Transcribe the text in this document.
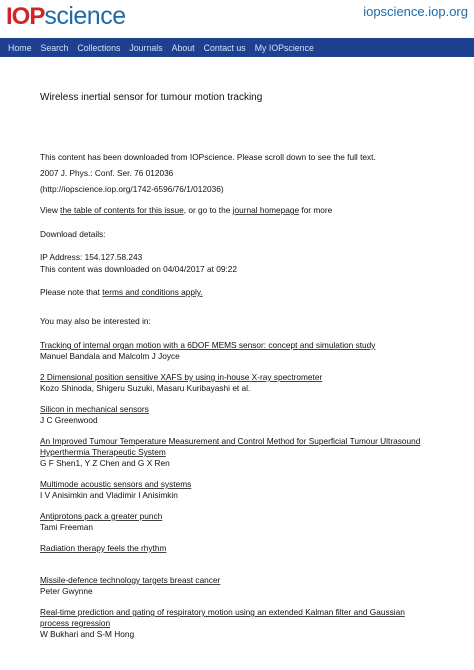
IOPscience	iopscience.iop.org
Home Search Collections Journals About Contact us My IOPscience
Wireless inertial sensor for tumour motion tracking
This content has been downloaded from IOPscience. Please scroll down to see the full text.
2007 J. Phys.: Conf. Ser. 76 012036
(http://iopscience.iop.org/1742-6596/76/1/012036)
View the table of contents for this issue, or go to the journal homepage for more
Download details:
IP Address: 154.127.58.243
This content was downloaded on 04/04/2017 at 09:22
Please note that terms and conditions apply.
You may also be interested in:
Tracking of internal organ motion with a 6DOF MEMS sensor: concept and simulation study
Manuel Bandala and Malcolm J Joyce
2 Dimensional position sensitive XAFS by using in-house X-ray spectrometer
Kozo Shinoda, Shigeru Suzuki, Masaru Kuribayashi et al.
Silicon in mechanical sensors
J C Greenwood
An Improved Tumour Temperature Measurement and Control Method for Superficial Tumour Ultrasound
Hyperthermia Therapeutic System
G F Shen1, Y Z Chen and G X Ren
Multimode acoustic sensors and systems
I V Anisimkin and Vladimir I Anisimkin
Antiprotons pack a greater punch
Tami Freeman
Radiation therapy feels the rhythm
Missile-defence technology targets breast cancer
Peter Gwynne
Real-time prediction and gating of respiratory motion using an extended Kalman filter and Gaussian
process regression
W Bukhari and S-M Hong
